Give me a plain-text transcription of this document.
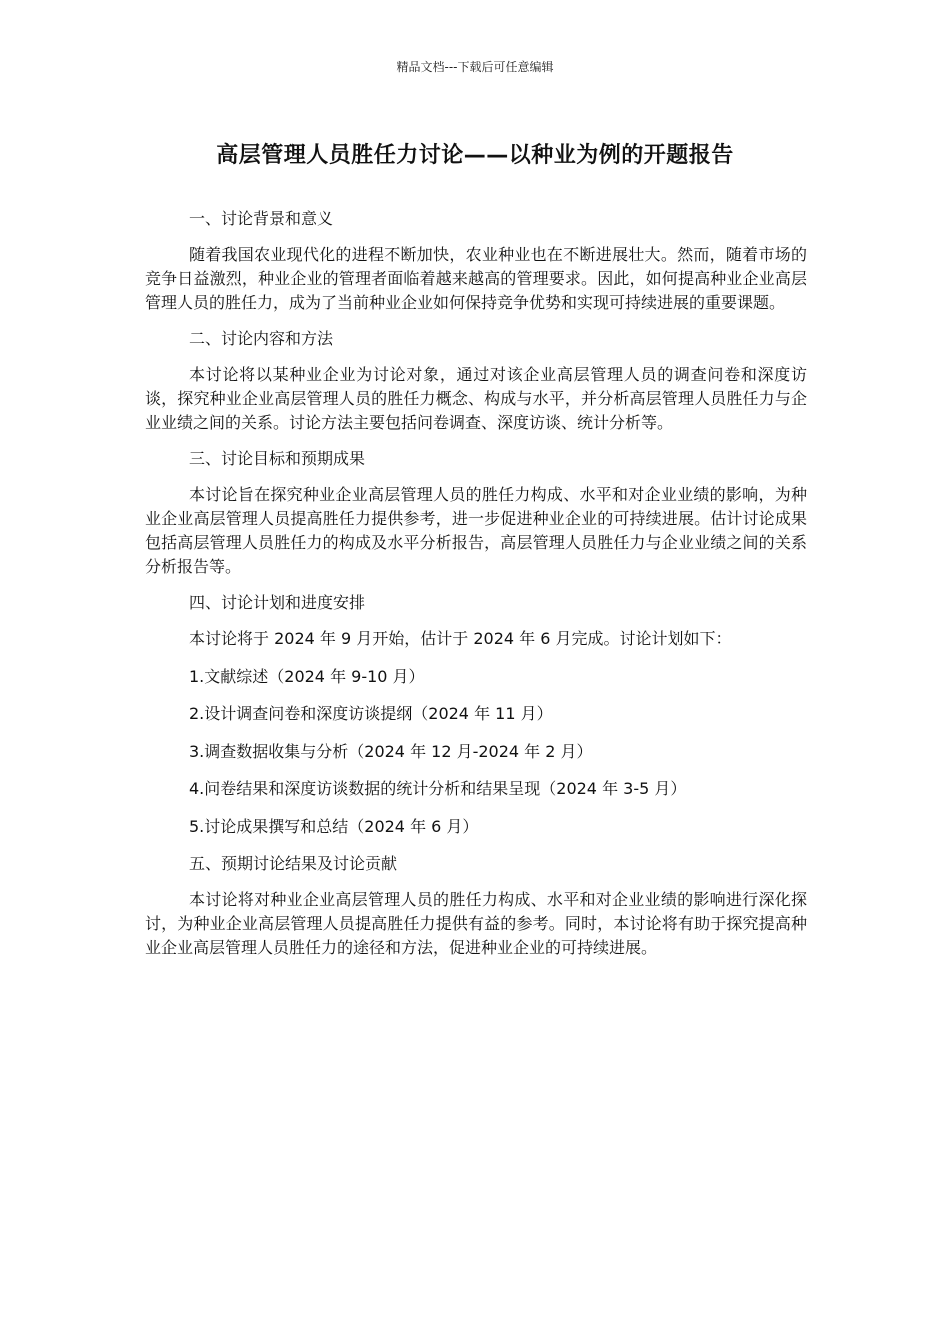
精品文档---下载后可任意编辑
高层管理人员胜任力讨论——以种业为例的开题报告

一、讨论背景和意义

随着我国农业现代化的进程不断加快，农业种业也在不断进展壮大。然而，随着市场的竞争日益激烈，种业企业的管理者面临着越来越高的管理要求。因此，如何提高种业企业高层管理人员的胜任力，成为了当前种业企业如何保持竞争优势和实现可持续进展的重要课题。

二、讨论内容和方法

本讨论将以某种业企业为讨论对象，通过对该企业高层管理人员的调查问卷和深度访谈，探究种业企业高层管理人员的胜任力概念、构成与水平，并分析高层管理人员胜任力与企业业绩之间的关系。讨论方法主要包括问卷调查、深度访谈、统计分析等。

三、讨论目标和预期成果

本讨论旨在探究种业企业高层管理人员的胜任力构成、水平和对企业业绩的影响，为种业企业高层管理人员提高胜任力提供参考，进一步促进种业企业的可持续进展。估计讨论成果包括高层管理人员胜任力的构成及水平分析报告，高层管理人员胜任力与企业业绩之间的关系分析报告等。

四、讨论计划和进度安排

本讨论将于 2024 年 9 月开始，估计于 2024 年 6 月完成。讨论计划如下：

1.文献综述（2024 年 9-10 月）

2.设计调查问卷和深度访谈提纲（2024 年 11 月）

3.调查数据收集与分析（2024 年 12 月-2024 年 2 月）

4.问卷结果和深度访谈数据的统计分析和结果呈现（2024 年 3-5 月）

5.讨论成果撰写和总结（2024 年 6 月）

五、预期讨论结果及讨论贡献

本讨论将对种业企业高层管理人员的胜任力构成、水平和对企业业绩的影响进行深化探讨，为种业企业高层管理人员提高胜任力提供有益的参考。同时，本讨论将有助于探究提高种业企业高层管理人员胜任力的途径和方法，促进种业企业的可持续进展。
